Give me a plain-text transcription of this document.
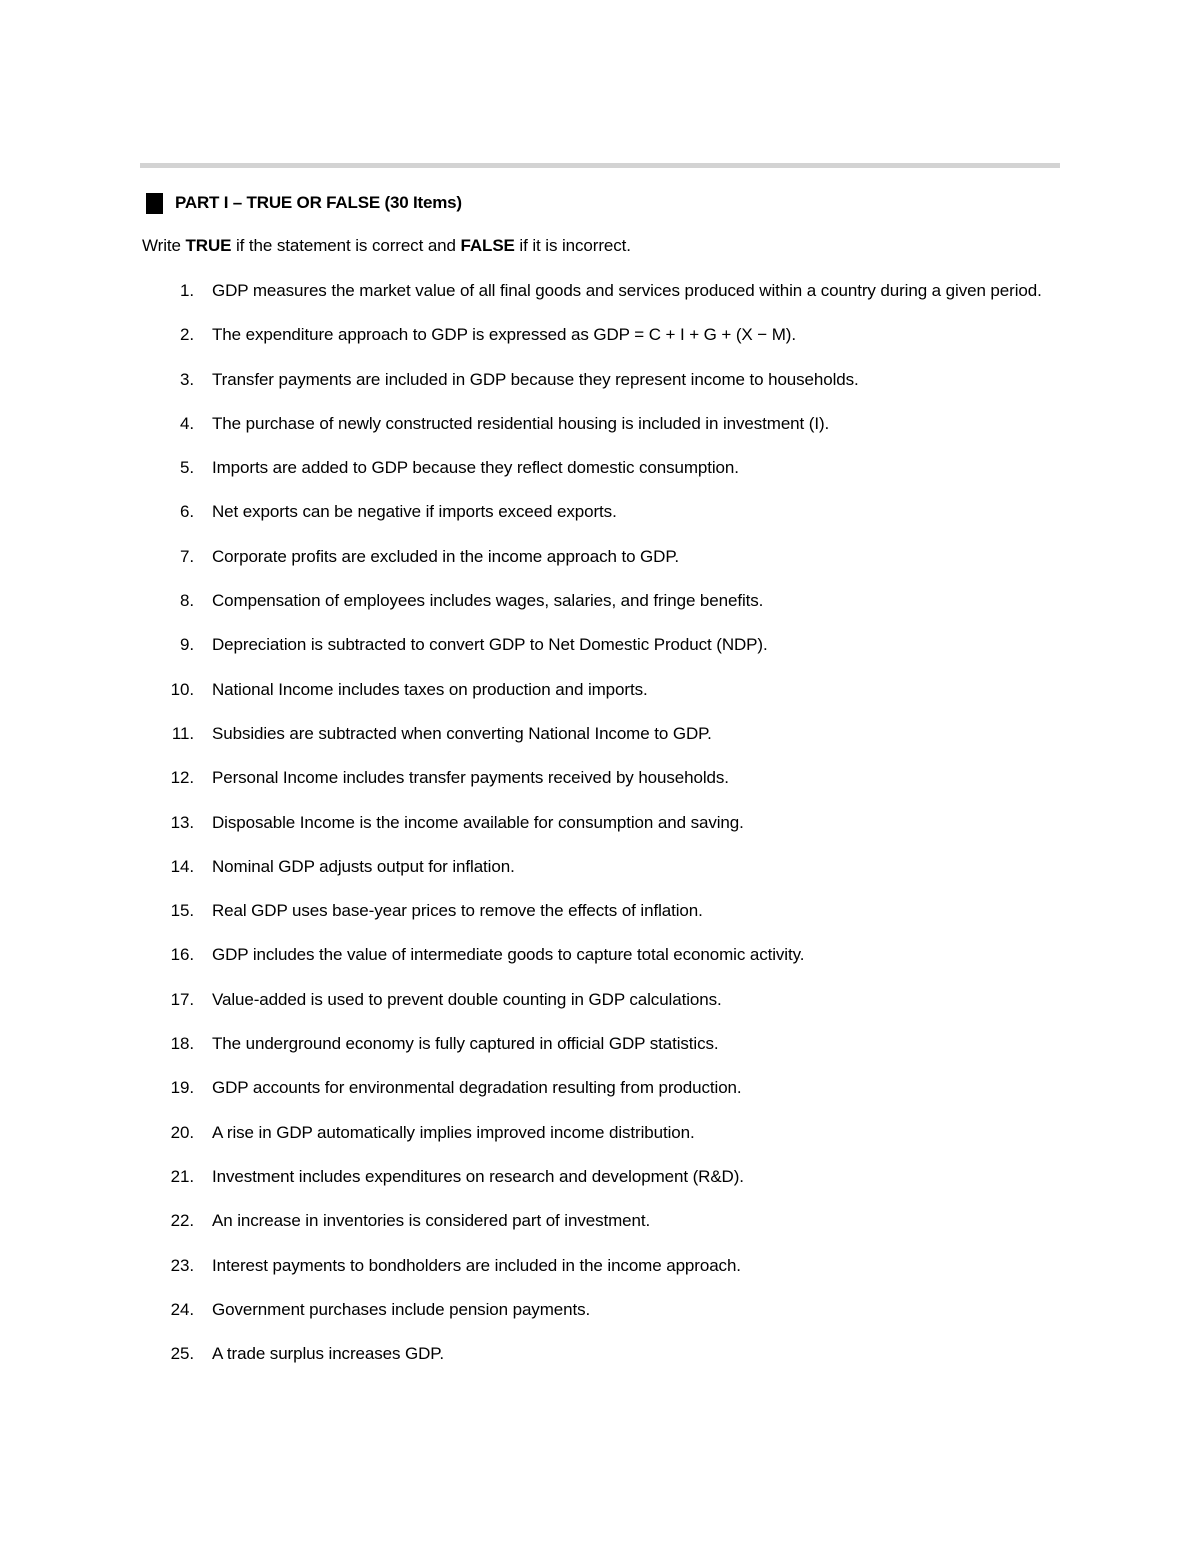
PART I – TRUE OR FALSE (30 Items)
Write TRUE if the statement is correct and FALSE if it is incorrect.
1. GDP measures the market value of all final goods and services produced within a country during a given period.
2. The expenditure approach to GDP is expressed as GDP = C + I + G + (X − M).
3. Transfer payments are included in GDP because they represent income to households.
4. The purchase of newly constructed residential housing is included in investment (I).
5. Imports are added to GDP because they reflect domestic consumption.
6. Net exports can be negative if imports exceed exports.
7. Corporate profits are excluded in the income approach to GDP.
8. Compensation of employees includes wages, salaries, and fringe benefits.
9. Depreciation is subtracted to convert GDP to Net Domestic Product (NDP).
10. National Income includes taxes on production and imports.
11. Subsidies are subtracted when converting National Income to GDP.
12. Personal Income includes transfer payments received by households.
13. Disposable Income is the income available for consumption and saving.
14. Nominal GDP adjusts output for inflation.
15. Real GDP uses base-year prices to remove the effects of inflation.
16. GDP includes the value of intermediate goods to capture total economic activity.
17. Value-added is used to prevent double counting in GDP calculations.
18. The underground economy is fully captured in official GDP statistics.
19. GDP accounts for environmental degradation resulting from production.
20. A rise in GDP automatically implies improved income distribution.
21. Investment includes expenditures on research and development (R&D).
22. An increase in inventories is considered part of investment.
23. Interest payments to bondholders are included in the income approach.
24. Government purchases include pension payments.
25. A trade surplus increases GDP.
